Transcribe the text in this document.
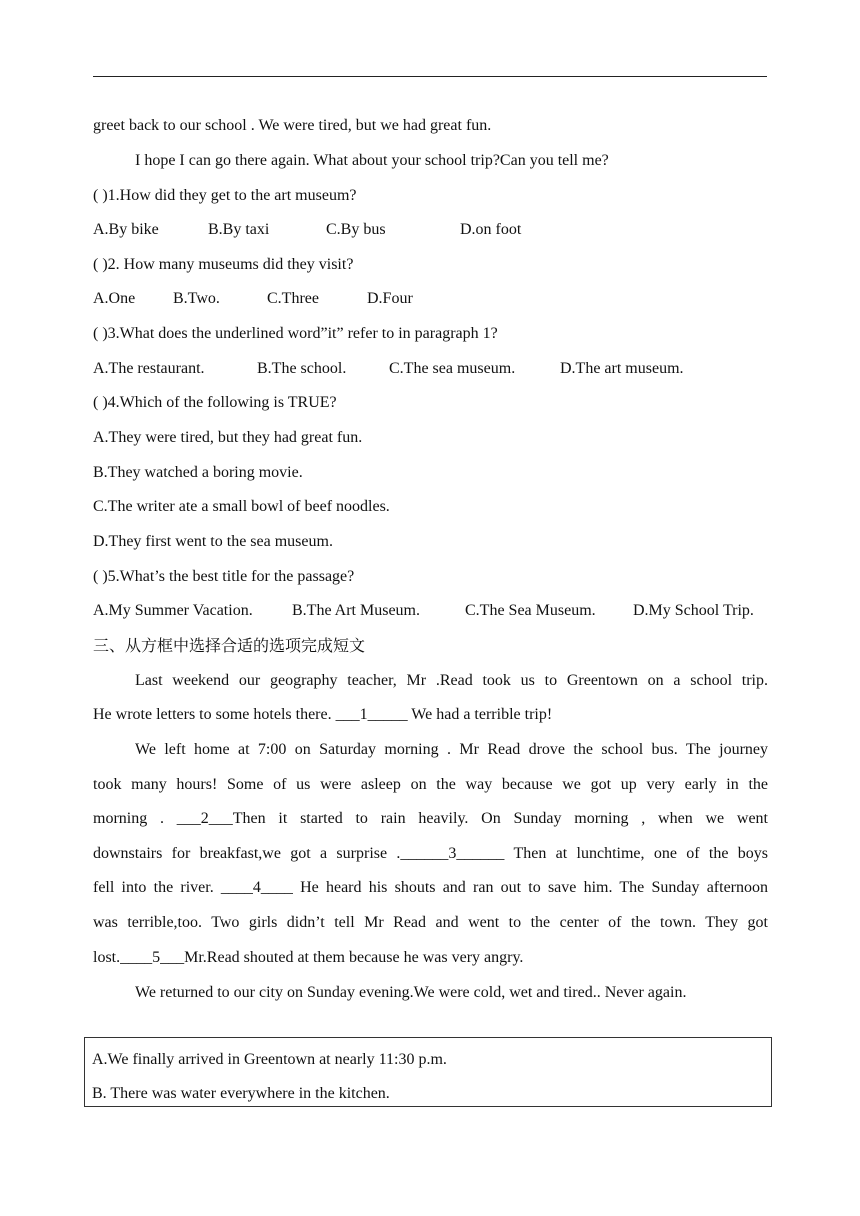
greet back to our school . We were tired, but we had great fun.
I hope I can go there again. What about your school trip?Can you tell me?
( )1.How did they get to the art museum?
A.By bike	B.By taxi	C.By bus	D.on foot
( )2. How many museums did they visit?
A.One B.Two.	C.Three	D.Four
( )3.What does the underlined word”it” refer to in paragraph 1?
A.The restaurant.	B.The school.	C.The sea museum.	D.The art museum.
( )4.Which of the following is TRUE?
A.They were tired, but they had great fun.
B.They watched a boring movie.
C.The writer ate a small bowl of beef noodles.
D.They first went to the sea museum.
( )5.What’s the best title for the passage?
A.My Summer Vacation. B.The Art Museum.	C.The Sea Museum. D.My School Trip.
三、从方框中选择合适的选项完成短文
Last weekend our geography teacher, Mr .Read took us to Greentown on a school trip.
He wrote letters to some hotels there. ___1_____ We had a terrible trip!
We left home at 7:00 on Saturday morning . Mr Read drove the school bus. The journey
took many hours! Some of us were asleep on the way because we got up very early in the
morning . ___2___Then it started to rain heavily. On Sunday morning , when we went
downstairs for breakfast,we got a surprise .______3______ Then at lunchtime, one of the boys
fell into the river. ____4____ He heard his shouts and ran out to save him. The Sunday afternoon
was terrible,too. Two girls didn’t tell Mr Read and went to the center of the town. They got
lost.____5___Mr.Read shouted at them because he was very angry.
We returned to our city on Sunday evening.We were cold, wet and tired.. Never again.
A.We finally arrived in Greentown at nearly 11:30 p.m.
B. There was water everywhere in the kitchen.
